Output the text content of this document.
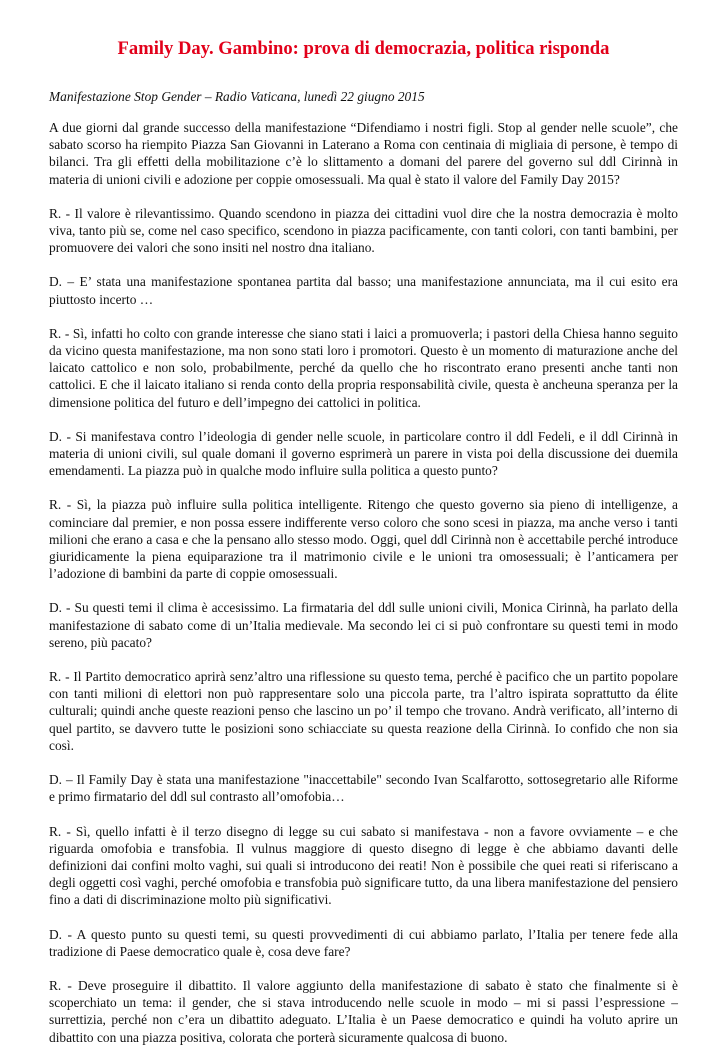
Family Day. Gambino: prova di democrazia, politica risponda

Manifestazione Stop Gender – Radio Vaticana, lunedì 22 giugno 2015

A due giorni dal grande successo della manifestazione “Difendiamo i nostri figli. Stop al gender nelle scuole”, che sabato scorso ha riempito Piazza San Giovanni in Laterano a Roma con centinaia di migliaia di persone, è tempo di bilanci. Tra gli effetti della mobilitazione c’è lo slittamento a domani del parere del governo sul ddl Cirinnà in materia di unioni civili e adozione per coppie omosessuali. Ma qual è stato il valore del Family Day 2015?

R. - Il valore è rilevantissimo. Quando scendono in piazza dei cittadini vuol dire che la nostra democrazia è molto viva, tanto più se, come nel caso specifico, scendono in piazza pacificamente, con tanti colori, con tanti bambini, per promuovere dei valori che sono insiti nel nostro dna italiano.

D. – E’ stata una manifestazione spontanea partita dal basso; una manifestazione annunciata, ma il cui esito era piuttosto incerto …

R. - Sì, infatti ho colto con grande interesse che siano stati i laici a promuoverla; i pastori della Chiesa hanno seguito da vicino questa manifestazione, ma non sono stati loro i promotori. Questo è un momento di maturazione anche del laicato cattolico e non solo, probabilmente, perché da quello che ho riscontrato erano presenti anche tanti non cattolici. E che il laicato italiano si renda conto della propria responsabilità civile, questa è ancheuna speranza per la dimensione politica del futuro e dell’impegno dei cattolici in politica.

D. - Si manifestava contro l’ideologia di gender nelle scuole, in particolare contro il ddl Fedeli, e il ddl Cirinnà in materia di unioni civili, sul quale domani il governo esprimerà un parere in vista poi della discussione dei duemila emendamenti. La piazza può in qualche modo influire sulla politica a questo punto?

R. - Sì, la piazza può influire sulla politica intelligente. Ritengo che questo governo sia pieno di intelligenze, a cominciare dal premier, e non possa essere indifferente verso coloro che sono scesi in piazza, ma anche verso i tanti milioni che erano a casa e che la pensano allo stesso modo. Oggi, quel ddl Cirinnà non è accettabile perché introduce giuridicamente la piena equiparazione tra il matrimonio civile e le unioni tra omosessuali; è l’anticamera per l’adozione di bambini da parte di coppie omosessuali.

D. - Su questi temi il clima è accesissimo. La firmataria del ddl sulle unioni civili, Monica Cirinnà, ha parlato della manifestazione di sabato come di un’Italia medievale. Ma secondo lei ci si può confrontare su questi temi in modo sereno, più pacato?

R. - Il Partito democratico aprirà senz’altro una riflessione su questo tema, perché è pacifico che un partito popolare con tanti milioni di elettori non può rappresentare solo una piccola parte, tra l’altro ispirata soprattutto da élite culturali; quindi anche queste reazioni penso che lascino un po’ il tempo che trovano. Andrà verificato, all’interno di quel partito, se davvero tutte le posizioni sono schiacciate su questa reazione della Cirinnà. Io confido che non sia così.

D. – Il Family Day è stata una manifestazione "inaccettabile" secondo Ivan Scalfarotto, sottosegretario alle Riforme e primo firmatario del ddl sul contrasto all’omofobia…

R. - Sì, quello infatti è il terzo disegno di legge su cui sabato si manifestava - non a favore ovviamente – e che riguarda omofobia e transfobia. Il vulnus maggiore di questo disegno di legge è che abbiamo davanti delle definizioni dai confini molto vaghi, sui quali si introducono dei reati! Non è possibile che quei reati si riferiscano a degli oggetti così vaghi, perché omofobia e transfobia può significare tutto, da una libera manifestazione del pensiero fino a dati di discriminazione molto più significativi.

D. - A questo punto su questi temi, su questi provvedimenti di cui abbiamo parlato, l’Italia per tenere fede alla tradizione di Paese democratico quale è, cosa deve fare?

R. - Deve proseguire il dibattito. Il valore aggiunto della manifestazione di sabato è stato che finalmente si è scoperchiato un tema: il gender, che si stava introducendo nelle scuole in modo – mi si passi l’espressione – surrettizia, perché non c’era un dibattito adeguato. L’Italia è un Paese democratico e quindi ha voluto aprire un dibattito con una piazza positiva, colorata che porterà sicuramente qualcosa di buono.
